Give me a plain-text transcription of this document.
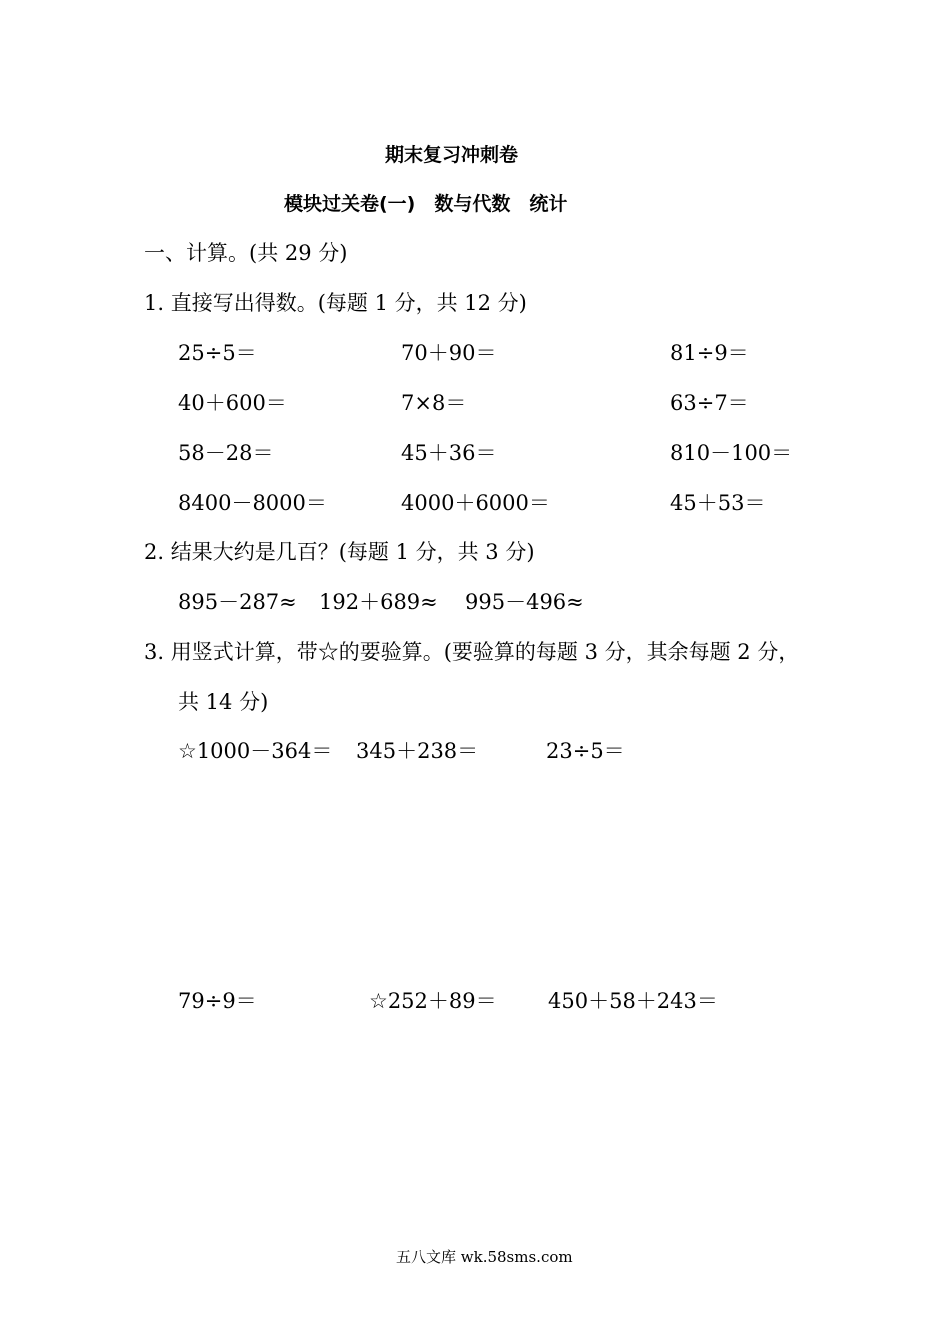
期末复习冲刺卷
模块过关卷(一)　数与代数　统计
一、计算。(共 29 分)
1. 直接写出得数。(每题 1 分，共 12 分)
25÷5＝	70＋90＝	81÷9＝
40＋600＝	7×8＝	63÷7＝
58－28＝	45＋36＝	810－100＝
8400－8000＝	4000＋6000＝	45＋53＝
2. 结果大约是几百？(每题 1 分，共 3 分)
895－287≈ 192＋689≈ 995－496≈
3. 用竖式计算，带☆的要验算。(要验算的每题 3 分，其余每题 2 分，
共 14 分)
☆1000－364＝ 345＋238＝	23÷5＝
79÷9＝	☆252＋89＝ 450＋58＋243＝
五八文库 wk.58sms.com
